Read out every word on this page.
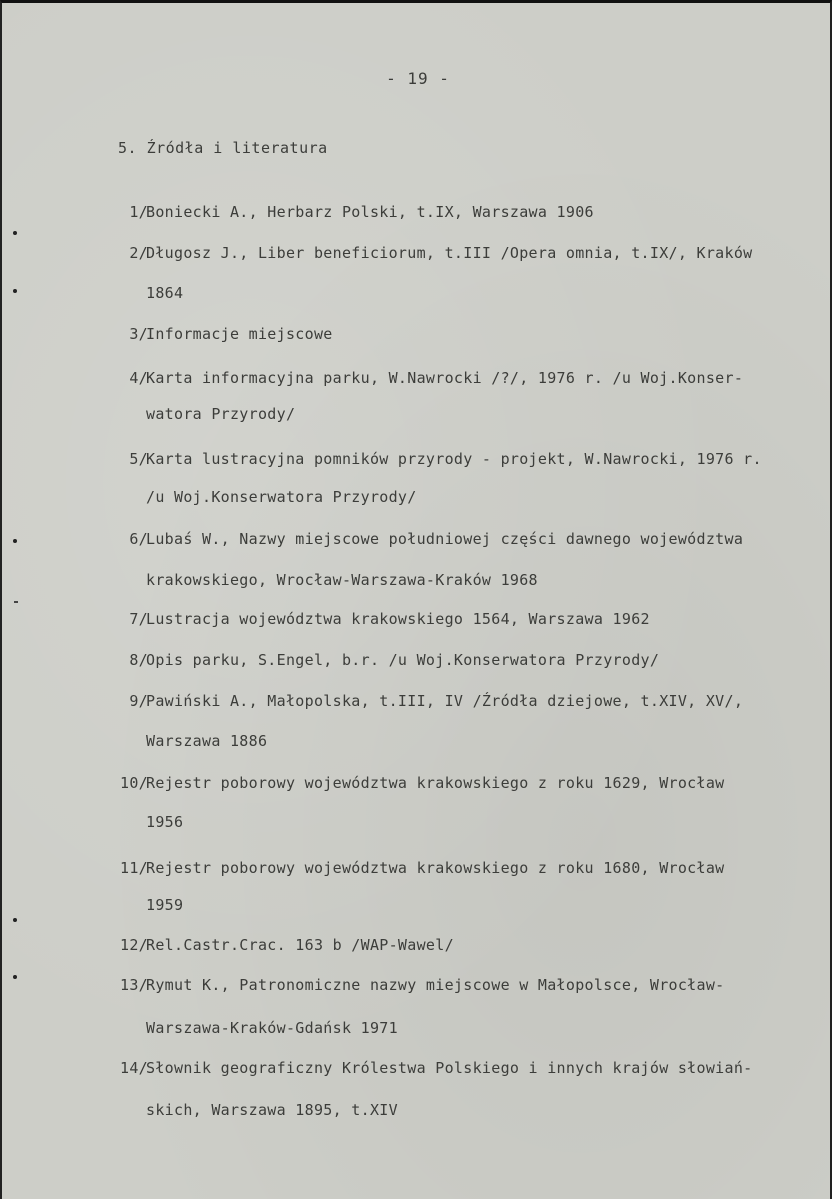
- 19 -
5. Źródła i literatura
1/
Boniecki A., Herbarz Polski, t.IX, Warszawa 1906
2/
Długosz J., Liber beneficiorum, t.III /Opera omnia, t.IX/, Kraków
1864
3/
Informacje miejscowe
4/
Karta informacyjna parku, W.Nawrocki /?/, 1976 r. /u Woj.Konser-
watora Przyrody/
5/
Karta lustracyjna pomników przyrody - projekt, W.Nawrocki, 1976 r.
/u Woj.Konserwatora Przyrody/
6/
Lubaś W., Nazwy miejscowe południowej części dawnego województwa
krakowskiego, Wrocław-Warszawa-Kraków 1968
7/
Lustracja województwa krakowskiego 1564, Warszawa 1962
8/
Opis parku, S.Engel, b.r. /u Woj.Konserwatora Przyrody/
9/
Pawiński A., Małopolska, t.III, IV /Źródła dziejowe, t.XIV, XV/,
Warszawa 1886
10/
Rejestr poborowy województwa krakowskiego z roku 1629, Wrocław
1956
11/
Rejestr poborowy województwa krakowskiego z roku 1680, Wrocław
1959
12/
Rel.Castr.Crac. 163 b /WAP-Wawel/
13/
Rymut K., Patronomiczne nazwy miejscowe w Małopolsce, Wrocław-
Warszawa-Kraków-Gdańsk 1971
14/
Słownik geograficzny Królestwa Polskiego i innych krajów słowiań-
skich, Warszawa 1895, t.XIV
